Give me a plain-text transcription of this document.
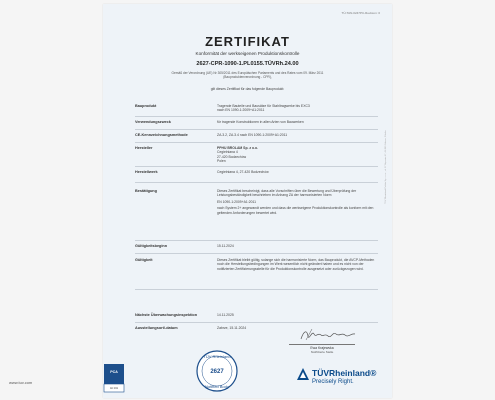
TÜ-TAN-0247PC-Revision: 0
ZERTIFIKAT
Konformität der werkseigenen Produktionskontrolle
2627-CPR-1090-1.PL0155.TÜVRh.24.00
Gemäß der Verordnung (UE) Nr 305/2011 des Europäischen Parlaments und des Rates vom 09. März 2011
(Bauproduktenverordnung - CPR),
gilt dieses Zertifikat für das folgende Bauprodukt:
Bauprodukt	Tragende Bauteile und Bausätze für Stahltragwerke bis EXC3
nach EN 1090-1:2009+A1:2011
Verwendungszweck	für tragende Konstruktionen in allen Arten von Bauwerken
CE-Kennzeichnungsmethode	ZA.3.2, ZA.3.4 nach EN 1090-1:2009+A1:2011
Hersteller	PPHU BROLAM Sp. z o.o.
Cegielniana 4
27-420 Bodzechów
Polen
Herstellwerk	Cegielniana 4, 27-420 Bodzechów
Bestätigung	Dieses Zertifikat bescheinigt, dass alle Vorschriften über die Bewertung und Überprüfung der Leistungsbeständigkeit beschrieben im Anhang ZA der harmonisierten Norm
EN 1090-1:2009+A1:2011
nach System 2+ angewandt werden und dass die werkseigene Produktionskontrolle als konform mit den geltenden Anforderungen bewertet wird.
Gültigkeitsbeginn	15.11.2024
Gültigkeit	Dieses Zertifikat bleibt gültig, solange sich die harmonisierte Norm, das Bauprodukt, die AVCP-Methoden noch die Herstellungsbedingungen im Werk wesentlich nicht geändert haben und es nicht von der notifizierten Zertifizierungsstelle für die Produktionskontrolle ausgesetzt oder zurückgezogen wird.
Nächste Überwachungsinspektion	14.11.2025
Ausstellungsort/-datum	Zabrze, 15.11.2024
Ewa Krajewska
Notifizierte Stelle
TÜV Rheinland Polska Sp. z o.o., ul. 27 Stycznia 17, 41-800 Zabrze, Polska
www.tuv.com
PCA
AC 161
TÜV Rheinland
2627
Notified Body
TÜVRheinland®
Precisely Right.
